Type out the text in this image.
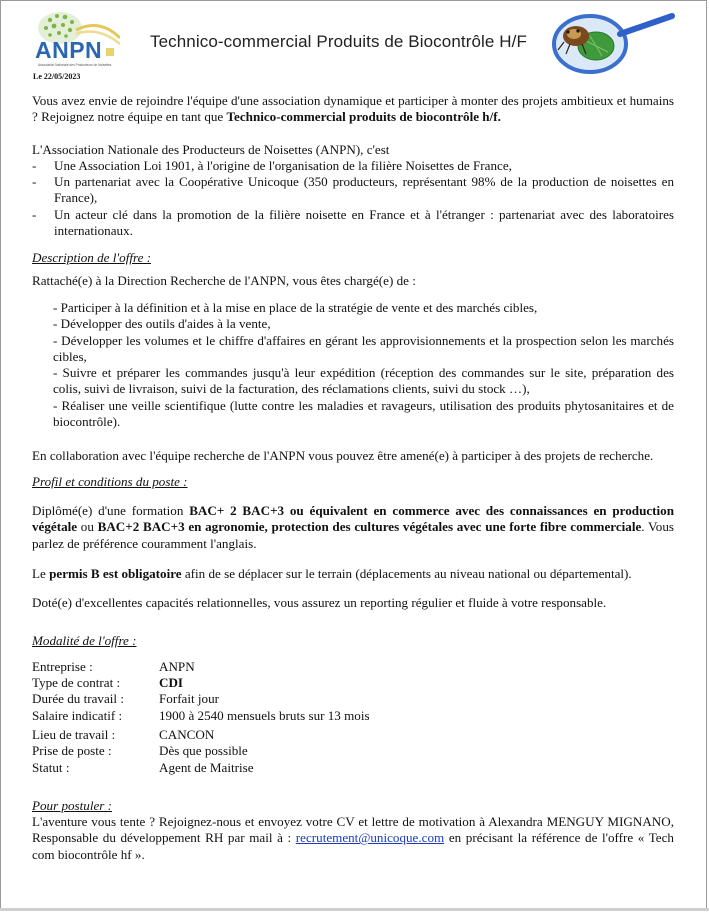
ANPN
Association Nationale des Producteurs de Noisettes
Technico-commercial Produits de Biocontrôle H/F
Le 22/05/2023

Vous avez envie de rejoindre l'équipe d'une association dynamique et participer à monter des projets ambitieux et humains ? Rejoignez notre équipe en tant que Technico-commercial produits de biocontrôle h/f.

L'Association Nationale des Producteurs de Noisettes (ANPN), c'est

- Une Association Loi 1901, à l'origine de l'organisation de la filière Noisettes de France,
- Un partenariat avec la Coopérative Unicoque (350 producteurs, représentant 98% de la production de noisettes en France),
- Un acteur clé dans la promotion de la filière noisette en France et à l'étranger : partenariat avec des laboratoires internationaux.

Description de l'offre :

Rattaché(e) à la Direction Recherche de l'ANPN, vous êtes chargé(e) de :

- Participer à la définition et à la mise en place de la stratégie de vente et des marchés cibles,
- Développer des outils d'aides à la vente,
- Développer les volumes et le chiffre d'affaires en gérant les approvisionnements et la prospection selon les marchés cibles,
- Suivre et préparer les commandes jusqu'à leur expédition (réception des commandes sur le site, préparation des colis, suivi de livraison, suivi de la facturation, des réclamations clients, suivi du stock …),
- Réaliser une veille scientifique (lutte contre les maladies et ravageurs, utilisation des produits phytosanitaires et de biocontrôle).

En collaboration avec l'équipe recherche de l'ANPN vous pouvez être amené(e) à participer à des projets de recherche.

Profil et conditions du poste :

Diplômé(e) d'une formation BAC+ 2 BAC+3 ou équivalent en commerce avec des connaissances en production végétale ou BAC+2 BAC+3 en agronomie, protection des cultures végétales avec une forte fibre commerciale. Vous parlez de préférence couramment l'anglais.

Le permis B est obligatoire afin de se déplacer sur le terrain (déplacements au niveau national ou départemental).

Doté(e) d'excellentes capacités relationnelles, vous assurez un reporting régulier et fluide à votre responsable.

Modalité de l'offre :

Entreprise :	ANPN
Type de contrat :	CDI
Durée du travail :	Forfait jour
Salaire indicatif :	1900 à 2540 mensuels bruts sur 13 mois
Lieu de travail :	CANCON
Prise de poste :	Dès que possible
Statut :	Agent de Maitrise

Pour postuler :

L'aventure vous tente ? Rejoignez-nous et envoyez votre CV et lettre de motivation à Alexandra MENGUY MIGNANO, Responsable du développement RH par mail à : recrutement@unicoque.com en précisant la référence de l'offre « Tech com biocontrôle hf ».
